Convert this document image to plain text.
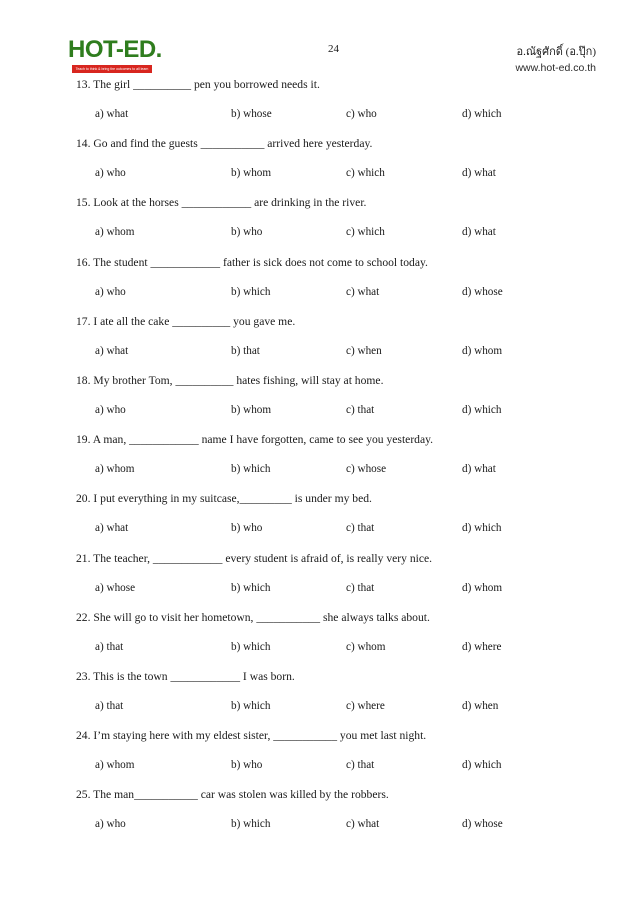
HOT-ED.
Teach to think & bring the outcomes to all learn
24	อ.ณัฐศักดิ์ (อ.ปุ๊ก)
www.hot-ed.co.th
13. The girl __________ pen you borrowed needs it.
a) what	b) whose	c) who	d) which
14. Go and find the guests ___________ arrived here yesterday.
a) who	b) whom	c) which	d) what
15. Look at the horses ____________ are drinking in the river.
a) whom	b) who	c) which	d) what
16. The student ____________ father is sick does not come to school today.
a) who	b) which	c) what	d) whose
17. I ate all the cake __________ you gave me.
a) what	b) that	c) when	d) whom
18. My brother Tom, __________ hates fishing, will stay at home.
a) who	b) whom	c) that	d) which
19. A man, ____________ name I have forgotten, came to see you yesterday.
a) whom	b) which	c) whose	d) what
20. I put everything in my suitcase,_________ is under my bed.
a) what	b) who	c) that	d) which
21. The teacher, ____________ every student is afraid of, is really very nice.
a) whose	b) which	c) that	d) whom
22. She will go to visit her hometown, ___________ she always talks about.
a) that	b) which	c) whom	d) where
23. This is the town ____________ I was born.
a) that	b) which	c) where	d) when
24. I’m staying here with my eldest sister, ___________ you met last night.
a) whom	b) who	c) that	d) which
25. The man___________ car was stolen was killed by the robbers.
a) who	b) which	c) what	d) whose
